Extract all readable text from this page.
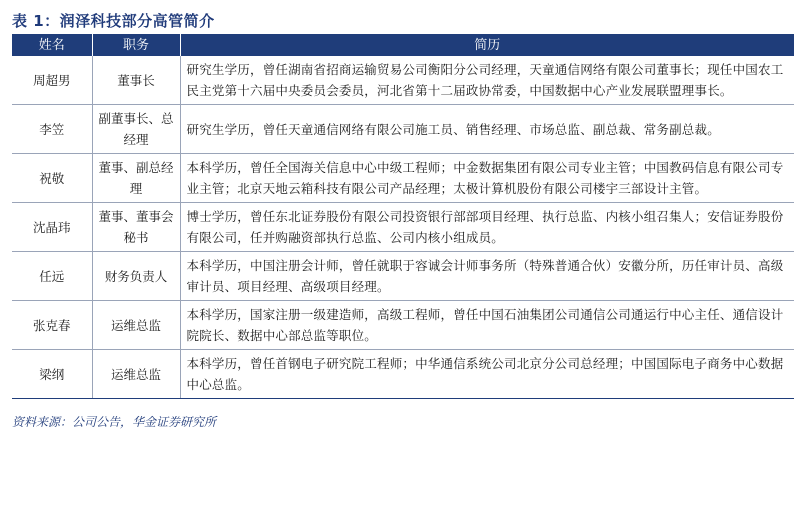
表 1：润泽科技部分高管简介
姓名	职务	简历
周超男	董事长	研究生学历，曾任湖南省招商运输贸易公司衡阳分公司经理，天童通信网络有限公司董事长；现任中国农工民主党第十六届中央委员会委员，河北省第十二届政协常委，中国数据中心产业发展联盟理事长。
李笠	副董事长、总经理	研究生学历，曾任天童通信网络有限公司施工员、销售经理、市场总监、副总裁、常务副总裁。
祝敬	董事、副总经理	本科学历，曾任全国海关信息中心中级工程师；中金数据集团有限公司专业主管；中国教码信息有限公司专业主管；北京天地云箱科技有限公司产品经理；太极计算机股份有限公司楼宇三部设计主管。
沈晶玮	董事、董事会秘书	博士学历，曾任东北证券股份有限公司投资银行部部项目经理、执行总监、内核小组召集人；安信证券股份有限公司，任并购融资部执行总监、公司内核小组成员。
任远	财务负责人	本科学历，中国注册会计师，曾任就职于容诚会计师事务所（特殊普通合伙）安徽分所，历任审计员、高级审计员、项目经理、高级项目经理。
张克春	运维总监	本科学历，国家注册一级建造师，高级工程师，曾任中国石油集团公司通信公司通运行中心主任、通信设计院院长、数据中心部总监等职位。
梁纲	运维总监	本科学历，曾任首钢电子研究院工程师；中华通信系统公司北京分公司总经理；中国国际电子商务中心数据中心总监。
资料来源：公司公告，华金证券研究所
